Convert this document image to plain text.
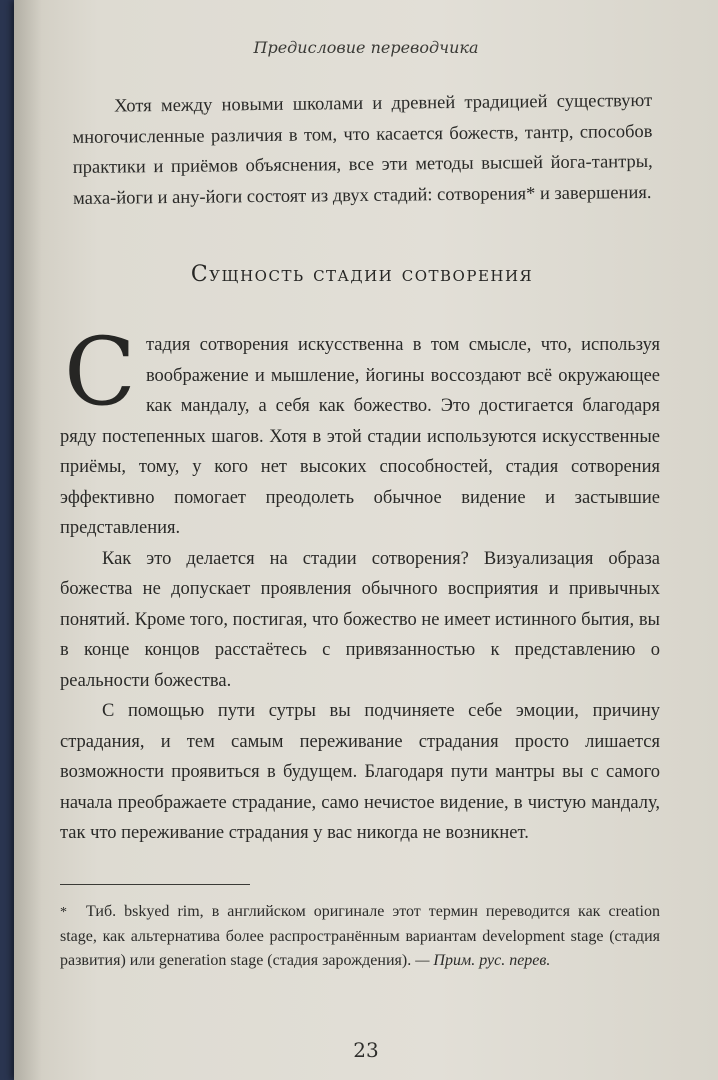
Предисловие переводчика

Хотя между новыми школами и древней традицией существуют многочисленные различия в том, что касается божеств, тантр, способов практики и приёмов объяснения, все эти методы высшей йога-тантры, маха-йоги и ану-йоги состоят из двух стадий: сотворения* и завершения.

Сущность стадии сотворения

Стадия сотворения искусственна в том смысле, что, используя воображение и мышление, йогины воссоздают всё окружающее как мандалу, а себя как божество. Это достигается благодаря ряду постепенных шагов. Хотя в этой стадии используются искусственные приёмы, тому, у кого нет высоких способностей, стадия сотворения эффективно помогает преодолеть обычное видение и застывшие представления.

Как это делается на стадии сотворения? Визуализация образа божества не допускает проявления обычного восприятия и привычных понятий. Кроме того, постигая, что божество не имеет истинного бытия, вы в конце концов расстаётесь с привязанностью к представлению о реальности божества.

С помощью пути сутры вы подчиняете себе эмоции, причину страдания, и тем самым переживание страдания просто лишается возможности проявиться в будущем. Благодаря пути мантры вы с самого начала преображаете страдание, само нечистое видение, в чистую мандалу, так что переживание страдания у вас никогда не возникнет.

* Тиб. bskyed rim, в английском оригинале этот термин переводится как creation stage, как альтернатива более распространённым вариантам development stage (стадия развития) или generation stage (стадия зарождения). — Прим. рус. перев.
23
